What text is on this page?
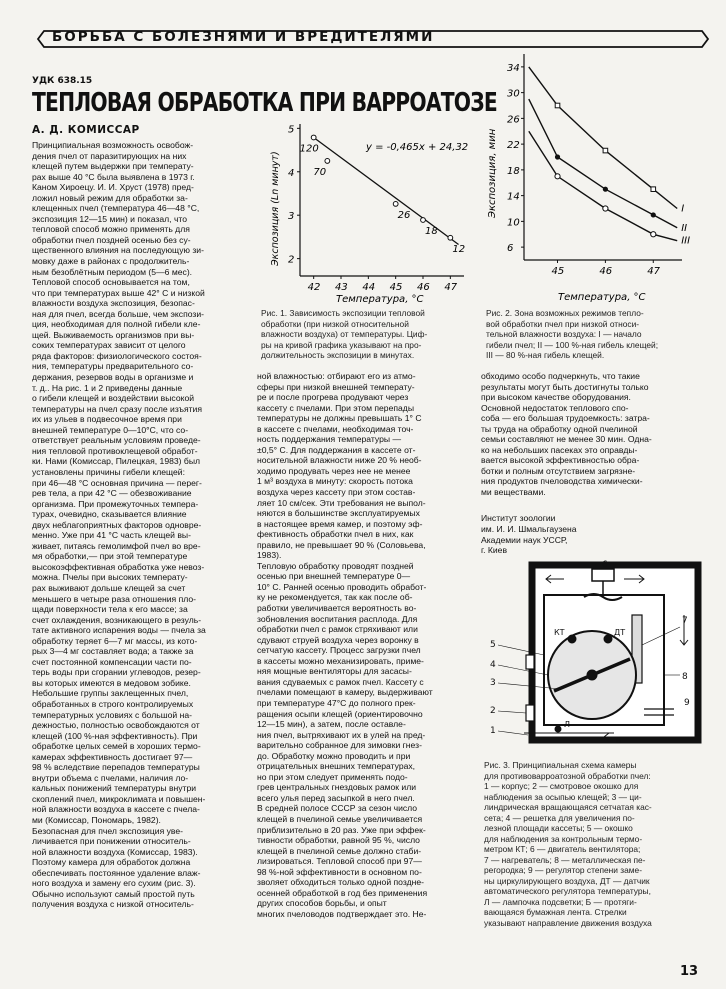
БОРЬБА С БОЛЕЗНЯМИ И ВРЕДИТЕЛЯМИ
УДК 638.15
ТЕПЛОВАЯ ОБРАБОТКА ПРИ ВАРРОАТОЗЕ
А. Д. КОМИССАР

Принципиальная возможность освобож-
дения пчел от паразитирующих на них
клещей путем выдержки при температу-
рах выше 40 °С была выявлена в 1973 г.
Каном Хироецу. И. И. Хруст (1978) пред-
ложил новый режим для обработки за-
клещенных пчел (температура 46—48 °С,
экспозиция 12—15 мин) и показал, что
тепловой способ можно применять для
обработки пчел поздней осенью без су-
щественного влияния на последующую зи-
мовку даже в районах с продолжитель-
ным безоблётным периодом (5—6 мес).
Тепловой способ основывается на том,
что при температурах выше 42° С и низкой
влажности воздуха экспозиция, безопас-
ная для пчел, всегда больше, чем экспози-
ция, необходимая для полной гибели кле-
щей. Выживаемость организмов при вы-
соких температурах зависит от целого
ряда факторов: физиологического состоя-
ния, температуры предварительного со-
держания, резервов воды в организме и
т. д.. На рис. 1 и 2 приведены данные
о гибели клещей и воздействии высокой
температуры на пчел сразу после изъятия
их из ульев в подвесочное время при
внешней температуре 0—10°С, что со-
ответствует реальным условиям проведе-
ния тепловой противоклещевой обработ-
ки. Нами (Комиссар, Пилецкая, 1983) был
установлены причины гибели клещей:
при 46—48 °С основная причина — перег-
рев тела, а при 42 °С — обезвоживание
организма. При промежуточных темпера-
турах, очевидно, сказывается влияние
двух неблагоприятных факторов одновре-
менно. Уже при 41 °С часть клещей вы-
живает, питаясь гемолимфой пчел во вре-
мя обработки,— при этой температуре
высокоэффективная обработка уже невоз-
можна. Пчелы при высоких температу-
рах выживают дольше клещей за счет
меньшего в четыре раза отношения пло-
щади поверхности тела к его массе; за
счет охлаждения, возникающего в резуль-
тате активного испарения воды — пчела за
обработку теряет 6—7 мг массы, из кото-
рых 3—4 мг составляет вода; а также за
счет постоянной компенсации части по-
терь воды при сгорании углеводов, резер-
вы которых имеются в медовом зобике.
Небольшие группы заклещенных пчел,
обработанных в строго контролируемых
температурных условиях с большой на-
дежностью, полностью освобождаются от
клещей (100 %-ная эффективность). При
обработке целых семей в хороших термо-
камерах эффективность достигает 97—
98 % вследствие перепадов температуры
внутри объема с пчелами, наличия ло-
кальных понижений температуры внутри
скоплений пчел, микроклимата и повышен-
ной влажности воздуха в кассете с пчела-
ми (Комиссар, Пономарь, 1982).
Безопасная для пчел экспозиция уве-
личивается при понижении относитель-
ной влажности воздуха (Комиссар, 1983).
Поэтому камера для обработок должна
обеспечивать постоянное удаление влаж-
ного воздуха и замену его сухим (рис. 3).
Обычно используют самый простой путь
получения воздуха с низкой относитель-

ной влажностью: отбирают его из атмо-
сферы при низкой внешней температу-
ре и после прогрева продувают через
кассету с пчелами. При этом перепады
температуры не должны превышать 1° С
в кассете с пчелами, необходимая точ-
ность поддержания температуры —
±0,5° С. Для поддержания в кассете от-
носительной влажности ниже 20 % необ-
ходимо продувать через нее не менее
1 м³ воздуха в минуту: скорость потока
воздуха через кассету при этом состав-
ляет 10 см/сек. Эти требования не выпол-
няются в большинстве эксплуатируемых
в настоящее время камер, и поэтому эф-
фективность обработки пчел в них, как
правило, не превышает 90 % (Соловьева,
1983).
Тепловую обработку проводят поздней
осенью при внешней температуре 0—
10° С. Ранней осенью проводить обработ-
ку не рекомендуется, так как после об-
работки увеличивается вероятность во-
зобновления воспитания расплода. Для
обработки пчел с рамок стряхивают или
сдувают струей воздуха через воронку в
сетчатую кассету. Процесс загрузки пчел
в кассеты можно механизировать, приме-
няя мощные вентиляторы для засасы-
вания сдуваемых с рамок пчел. Кассету с
пчелами помещают в камеру, выдерживают
при температуре 47°С до полного прек-
ращения осыпи клещей (ориентировочно
12—15 мин), а затем, после оставле-
ния пчел, вытряхивают их в улей на пред-
варительно собранное для зимовки гнез-
до. Обработку можно проводить и при
отрицательных внешних температурах,
но при этом следует применять подо-
грев центральных гнездовых рамок или
всего улья перед засыпкой в него пчел.
В средней полосе СССР за сезон число
клещей в пчелиной семье увеличивается
приблизительно в 20 раз. Уже при эффек-
тивности обработки, равной 95 %, число
клещей в пчелиной семье должно стаби-
лизироваться. Тепловой способ при 97—
98 %-ной эффективности в основном по-
зволяет обходиться только одной поздне-
осенней обработкой в год без применения
других способов борьбы, и опыт
многих пчеловодов подтверждает это. Не-

обходимо особо подчеркнуть, что такие
результаты могут быть достигнуты только
при высоком качестве оборудования.
Основной недостаток теплового спо-
соба — его большая трудоемкость: затра-
ты труда на обработку одной пчелиной
семьи составляют не менее 30 мин. Одна-
ко на небольших пасеках это оправды-
вается высокой эффективностью обра-
ботки и полным отсутствием загрязне-
ния продуктов пчеловодства химически-
ми веществами.

Институт зоологии
им. И. И. Шмальгаузена
Академии наук УССР,
г. Киев
2
3
4
5
42 43 44 45 46 47
120
70
26
18
12
y = -0,465x + 24,32
Температура, °С
Экспозиция (Ln минут)

Рис. 1. Зависимость экспозиции тепловой
обработки (при низкой относительной
влажности воздуха) от температуры. Циф-
ры на кривой графика указывают на про-
должительность экспозиции в минутах.

6
10
14
18
22
26
30
34
45	46	47
I
II
III
Температура, °С
Экспозиция, мин

Рис. 2. Зона возможных режимов тепло-
вой обработки пчел при низкой относи-
тельной влажности воздуха: I — начало
гибели пчел; II — 100 %-ная гибель клещей;
III — 80 %-ная гибель клещей.

6
7
8
9
5
4
3
2
1
КТ	ДТ
Л
Б

Рис. 3. Принципиальная схема камеры
для противоварроатозной обработки пчел:
1 — корпус; 2 — смотровое окошко для
наблюдения за осыпью клещей; 3 — ци-
линдрическая вращающаяся сетчатая кас-
сета; 4 — решетка для увеличения по-
лезной площади кассеты; 5 — окошко
для наблюдения за контрольным термо-
метром КТ; 6 — двигатель вентилятора;
7 — нагреватель; 8 — металлическая пе-
регородка; 9 — регулятор степени заме-
ны циркулирующего воздуха, ДТ — датчик
автоматического регулятора температуры,
Л — лампочка подсветки; Б — протяги-
вающаяся бумажная лента. Стрелки
указывают направление движения воздуха

13
